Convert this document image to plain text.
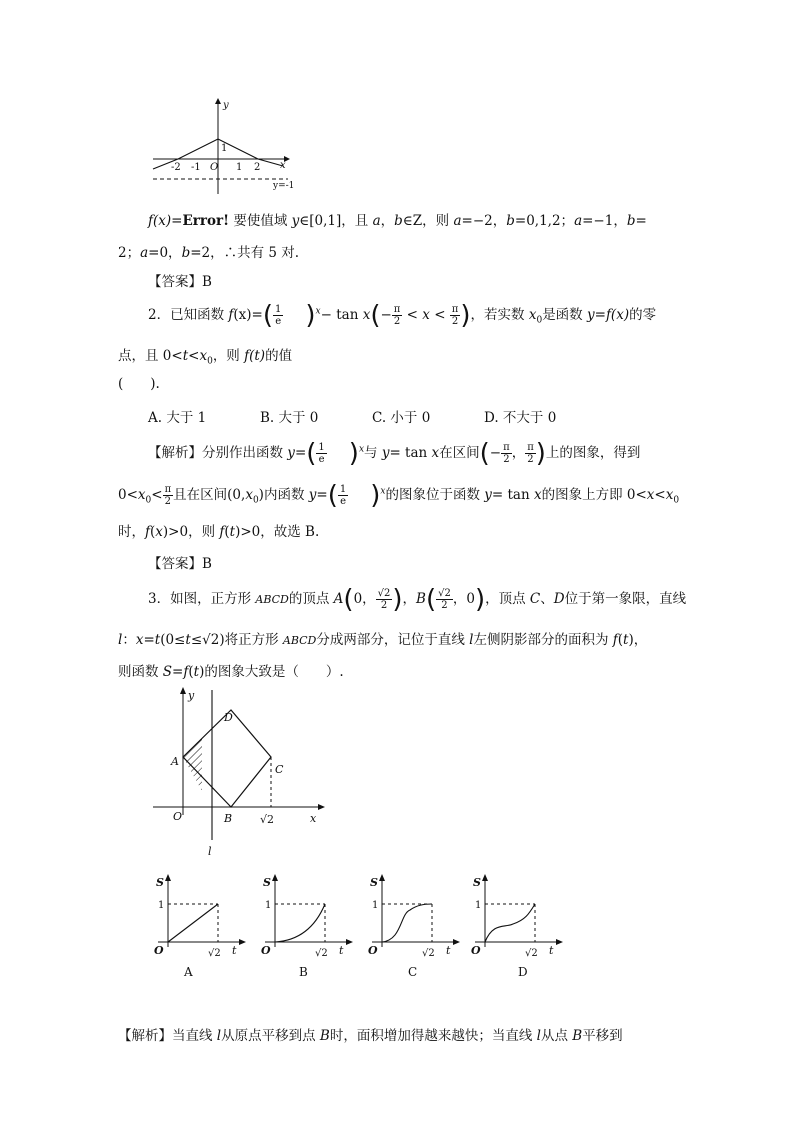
y
1
O	x
-2 -1	1 2
y=-1
f(x)=Error! 要使值域 y∈[0,1]，且 a，b∈Z，则 a=−2，b=0,1,2；a=−1，b=
2；a=0，b=2，∴共有 5 对.
【答案】B
2．已知函数 $f(x)=( \frac{1}{e} )^x- \tan x(- \frac{\pi}{2} < x < \frac{\pi}{2}$ )，若实数 $x_0$是函数 y=f(x)的零
点，且 $0<t<x_0$，则 f(t)的值
(　　).
A. 大于 1	B. 大于 0	C. 小于 0	D. 不大于 0
【解析】分别作出函数 $y=( \frac{1}{e} )^x$与 y= tan x在区间(− $\frac{\pi}{2}$ ， $\frac{\pi}{2}$ )上的图象，得到
$0<x_0< \frac{\pi}{2}$ 且在区间$(0,x_0)$内函数 $y=( \frac{1}{e} )^x$的图象位于函数 y= tan x的图象上方即 $0<x<x_0$
时，f(x)>0，则 f(t)>0，故选 B.
【答案】B
3．如图，正方形 ABCD的顶点 A(0， $\frac{√2}{2}$ )，$B( \frac{√2}{2}$ ，0)，顶点 C、D位于第一象限，直线
l：x=t(0≤t≤√2)将正方形 ABCD分成两部分，记位于直线 l左侧阴影部分的面积为 f(t)，
则函数 S=f(t)的图象大致是（　　）.
y
D
A
C
O	B	√2	x
l
S
1
O	√2 t
A
S
1
O	√2 t
B
S
1
O	√2 t
C
S
1
O	√2 t
D
【解析】当直线 l从原点平移到点 B时，面积增加得越来越快；当直线 l从点 B平移到
